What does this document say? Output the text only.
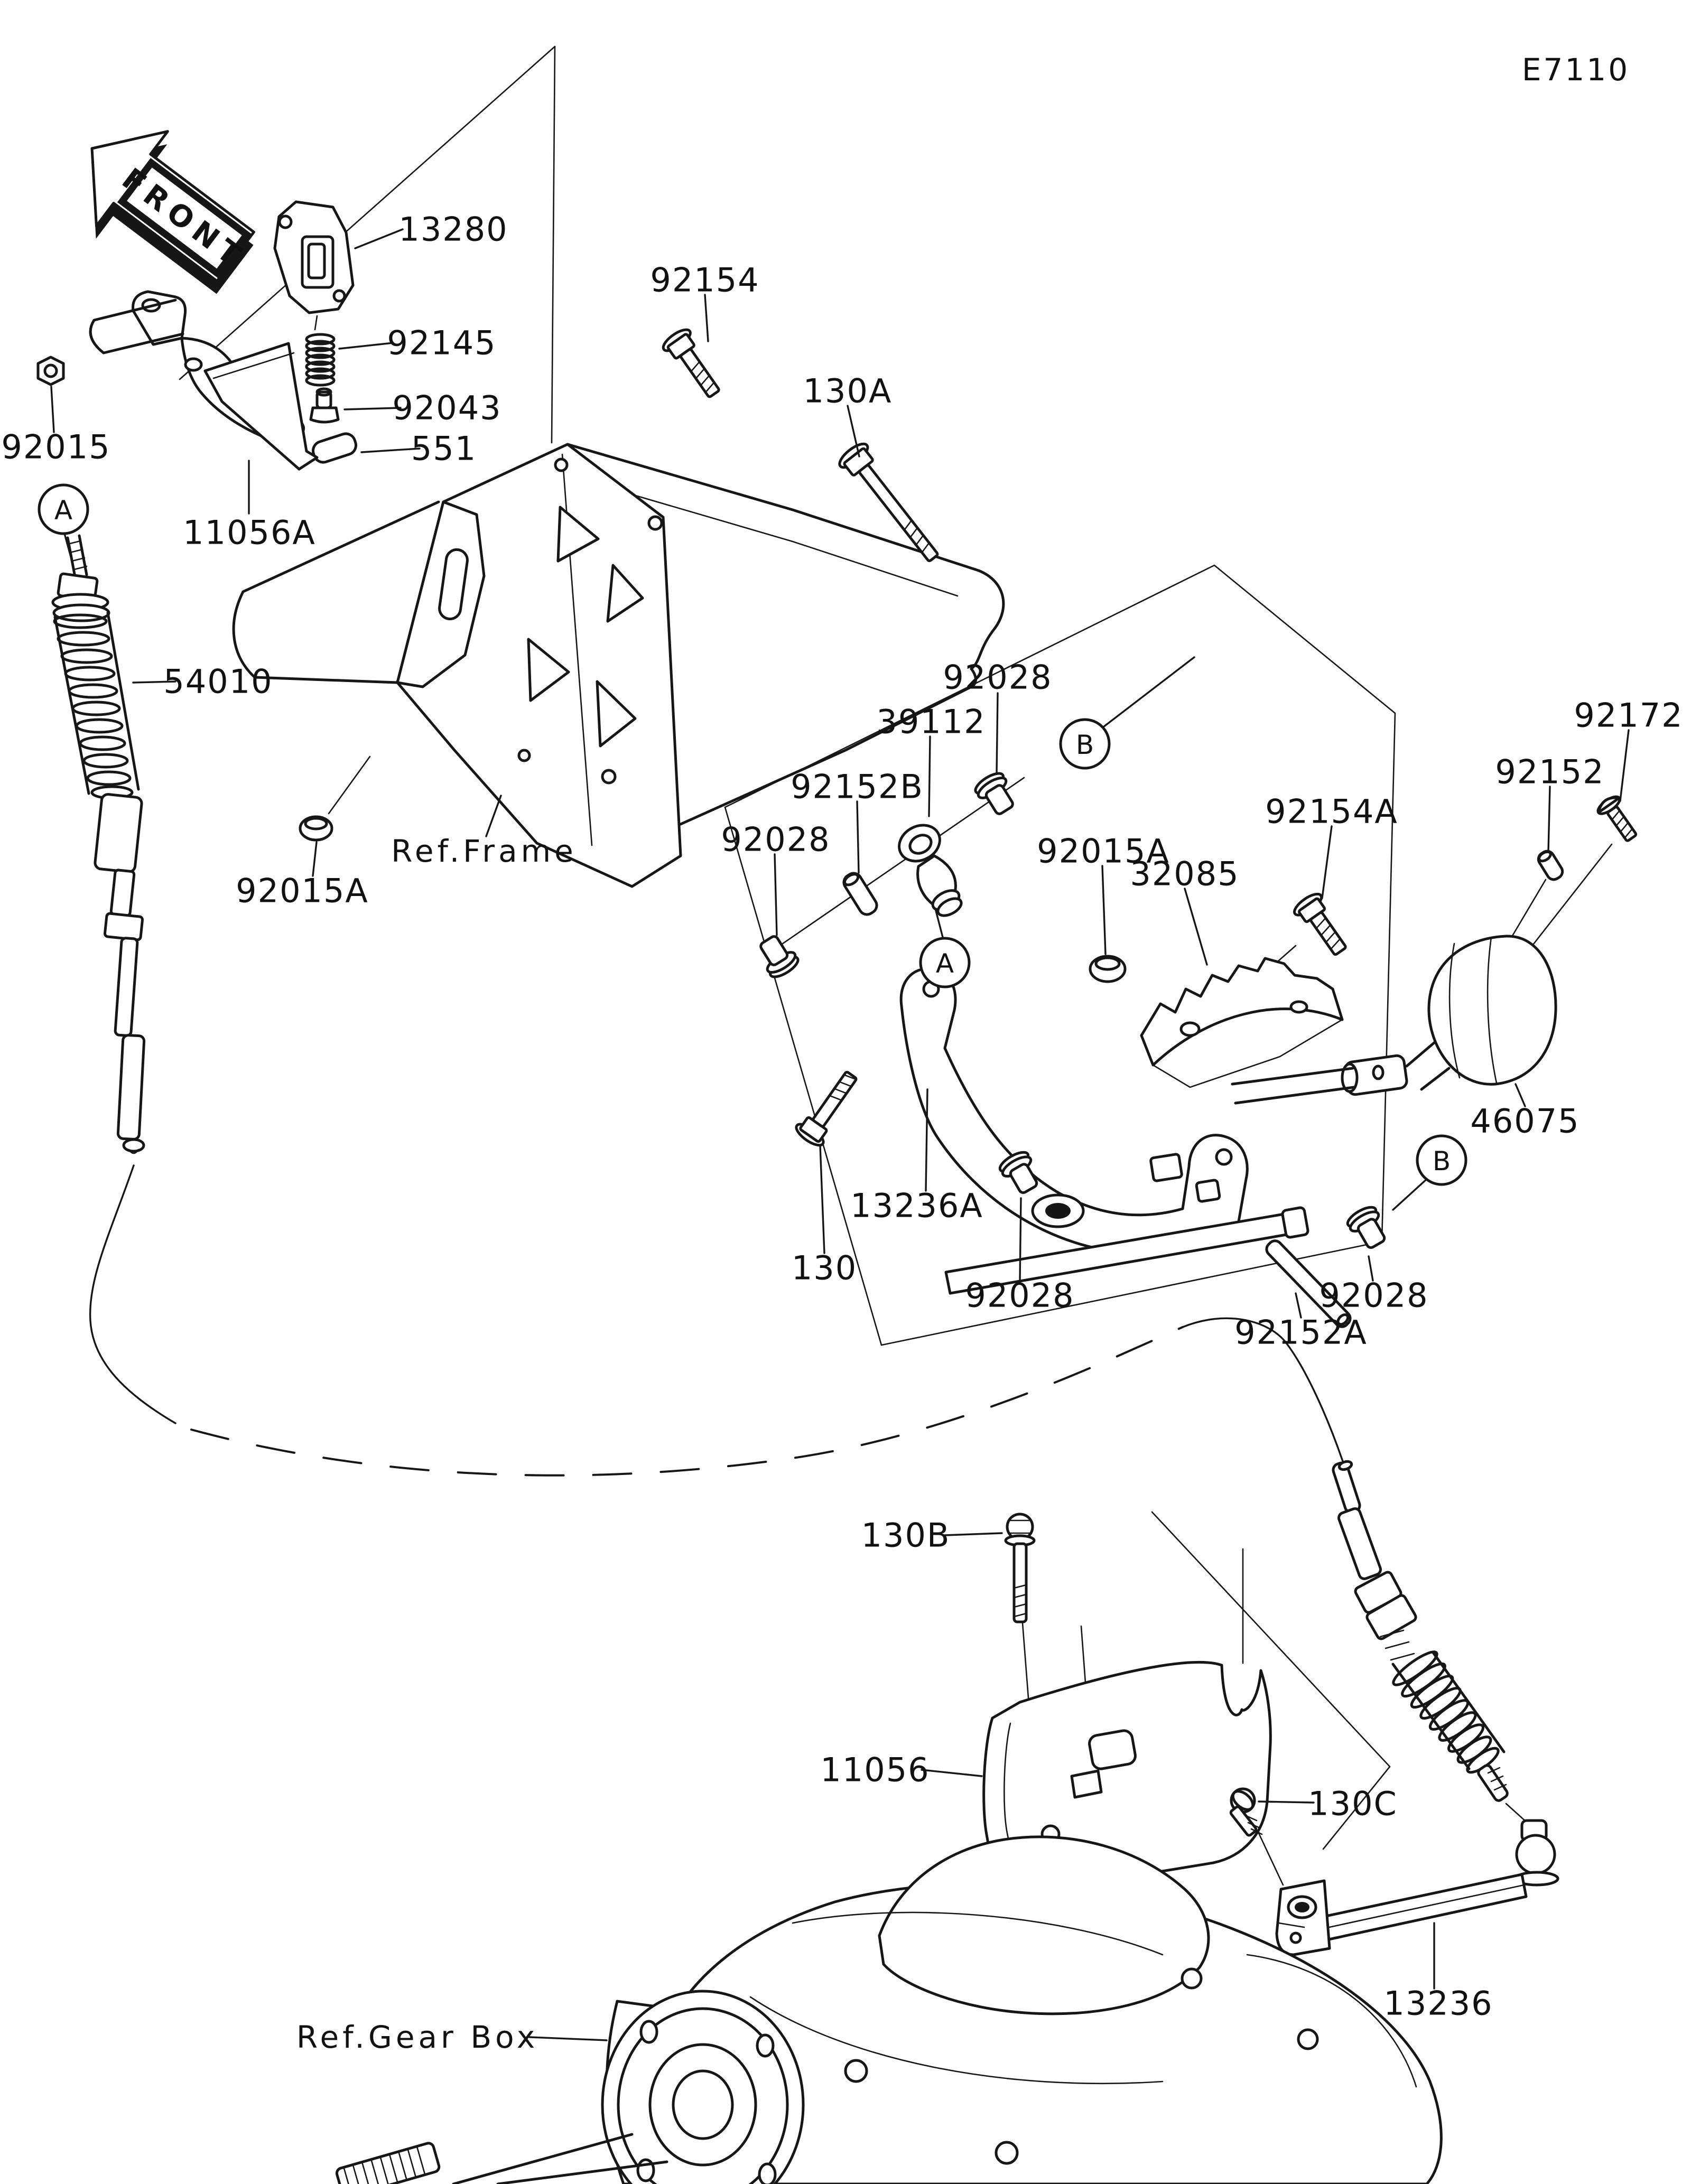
FRONT
A
A
B
B
E7110
13280
92145
92043
551
92015
11056A
54010
Ref.Frame
92015A
92154
130A
92028
39112
92152B
92028	92015A
32085
92154A
92152
92172
46075
13236A
130
92028
92152A
92028
130B
11056
130C
13236
Ref.Gear Box
